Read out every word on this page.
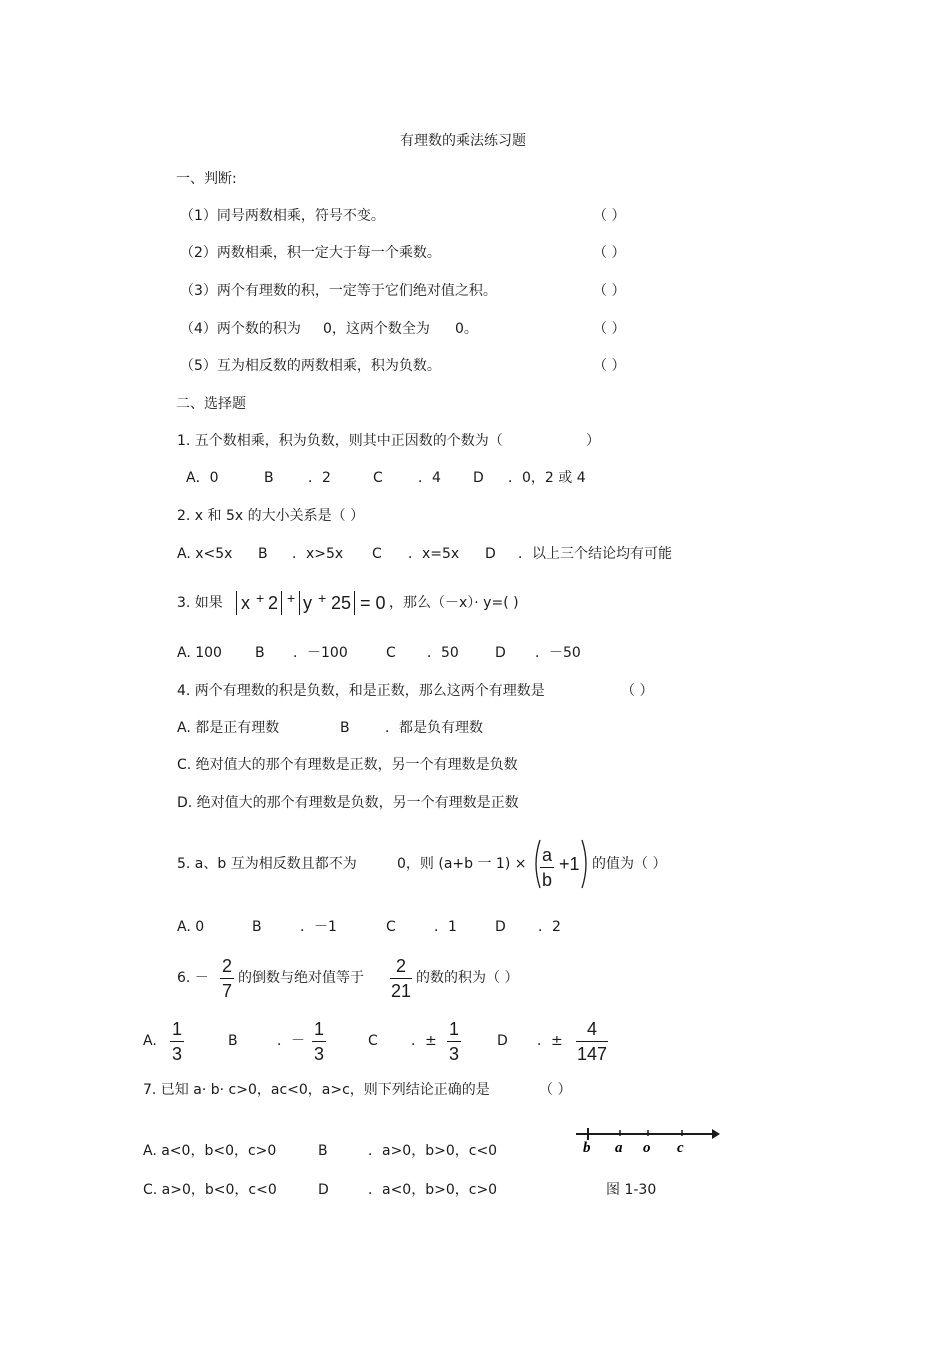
有理数的乘法练习题
一、判断:
（1）同号两数相乘，符号不变。	（ ）
（2）两数相乘，积一定大于每一个乘数。	（ ）
（3）两个有理数的积，一定等于它们绝对值之积。	（ ）
（4）两个数的积为 0，这两个数全为 0。	（ ）
（5）互为相反数的两数相乘，积为负数。	（ ）
二、选择题
1. 五个数相乘，积为负数，则其中正因数的个数为（	）
A．0	B ．2	C	．4 D ．0，2 或 4
2. x 和 5x 的大小关系是（ ）
A. x<5x B ．x>5x C ．x=5x D ．以上三个结论均有可能
3. 如果 x + 2 + y + 25 = 0 ，那么（－x）· y=( )
A. 100 B ．－100	C ．50	D ．－50
4. 两个有理数的积是负数，和是正数，那么这两个有理数是	（ ）
A. 都是正有理数	B	．都是负有理数
C. 绝对值大的那个有理数是正数，另一个有理数是负数
D. 绝对值大的那个有理数是负数，另一个有理数是正数
5. a、b 互为相反数且都不为	0，则 (a+b 一 1) × a
b
+1 的值为（ ）
A. 0	B	．－1	C	．1	D ．2
6. －
2
7
的倒数与绝对值等于
2
21
的数的积为（ ）
A.
1
3
B	．－
1
3
C ．±
1
3
D ．±
4
147
7. 已知 a· b· c>0，ac<0，a>c，则下列结论正确的是	（ ）
A. a<0，b<0，c>0	B	．a>0，b>0，c<0
C. a>0，b<0，c<0	D	．a<0，b>0，c>0
b a o c
图 1-30
